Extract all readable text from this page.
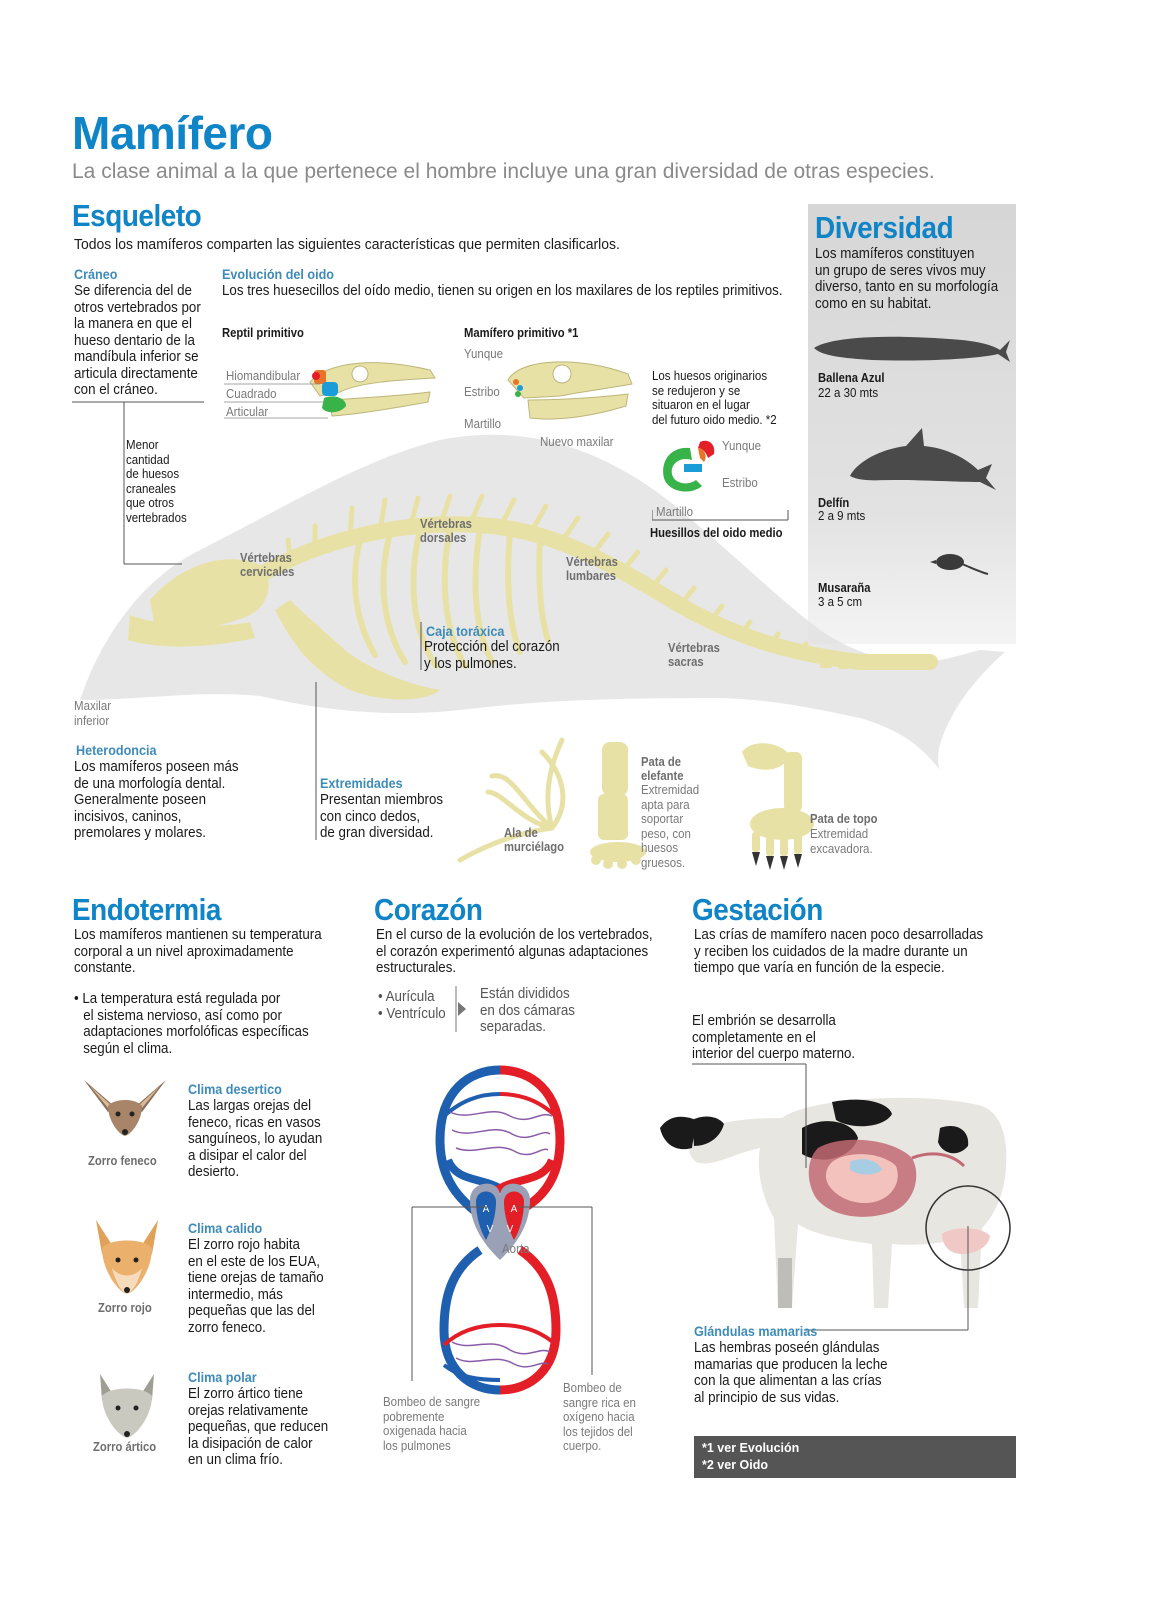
Mamífero
La clase animal a la que pertenece el hombre incluye una gran diversidad de otras especies.
Cráneo
Se diferencia del de
otros vertebrados por
la manera en que el
hueso dentario de la
mandíbula inferior se
articula directamente
con el cráneo.
Menor
cantidad
de huesos
craneales
que otros
vertebrados
Esqueleto
Todos los mamíferos comparten las siguientes características que permiten clasificarlos.
Evolución del oido
Los tres huesecillos del oído medio, tienen su origen en los maxilares de los reptiles primitivos.
Reptil primitivo	Mamífero primitivo *1
Hiomandibular
Cuadrado
Articular
Yunque
Estribo
Martillo
Nuevo maxilar
Los huesos originarios
se redujeron y se
situaron en el lugar
del futuro oido medio. *2
Yunque
Estribo
Martillo
Huesillos del oido medio
Vértebras
cervicales
Vértebras
dorsales
Vértebras
lumbares
Vértebras
sacras
Caja toráxica
Protección del corazón
y los pulmones.
Maxilar
inferior
Heterodoncia
Los mamíferos poseen más
de una morfología dental.
Generalmente poseen
incisivos, caninos,
premolares y molares.
Extremidades
Presentan miembros
con cinco dedos,
de gran diversidad.	Ala de
murciélago
Pata de
elefante
Extremidad
apta para
soportar
peso, con
huesos
gruesos.
Pata de topo
Extremidad
excavadora.
Diversidad
Los mamíferos constituyen
un grupo de seres vivos muy
diverso, tanto en su morfología
como en su habitat.
Ballena Azul
22 a 30 mts
Delfín
2 a 9 mts
Musaraña
3 a 5 cm
Endotermia
Los mamíferos mantienen su temperatura
corporal a un nivel aproximadamente
constante.
• La temperatura está regulada por
el sistema nervioso, así como por
adaptaciones morfolóficas específicas
según el clima.
Zorro feneco
Clima desertico
Las largas orejas del
feneco, ricas en vasos
sanguíneos, lo ayudan
a disipar el calor del
desierto.
Zorro rojo
Clima calido
El zorro rojo habita
en el este de los EUA,
tiene orejas de tamaño
intermedio, más
pequeñas que las del
zorro feneco.
Zorro ártico
Clima polar
El zorro ártico tiene
orejas relativamente
pequeñas, que reducen
la disipación de calor
en un clima frío.
Corazón
En el curso de la evolución de los vertebrados,
el corazón experimentó algunas adaptaciones
estructurales.
• Aurícula
• Ventrículo
Están divididos
en dos cámaras
separadas.
A A
V V
Aorta
Bombeo de sangre
pobremente
oxigenada hacia
los pulmones
Bombeo de
sangre rica en
oxígeno hacia
los tejidos del
cuerpo.
Gestación
Las crías de mamífero nacen poco desarrolladas
y reciben los cuidados de la madre durante un
tiempo que varía en función de la especie.
El embrión se desarrolla
completamente en el
interior del cuerpo materno.
Glándulas mamarias
Las hembras poseén glándulas
mamarias que producen la leche
con la que alimentan a las crías
al principio de sus vidas.
*1 ver Evolución
*2 ver Oido
